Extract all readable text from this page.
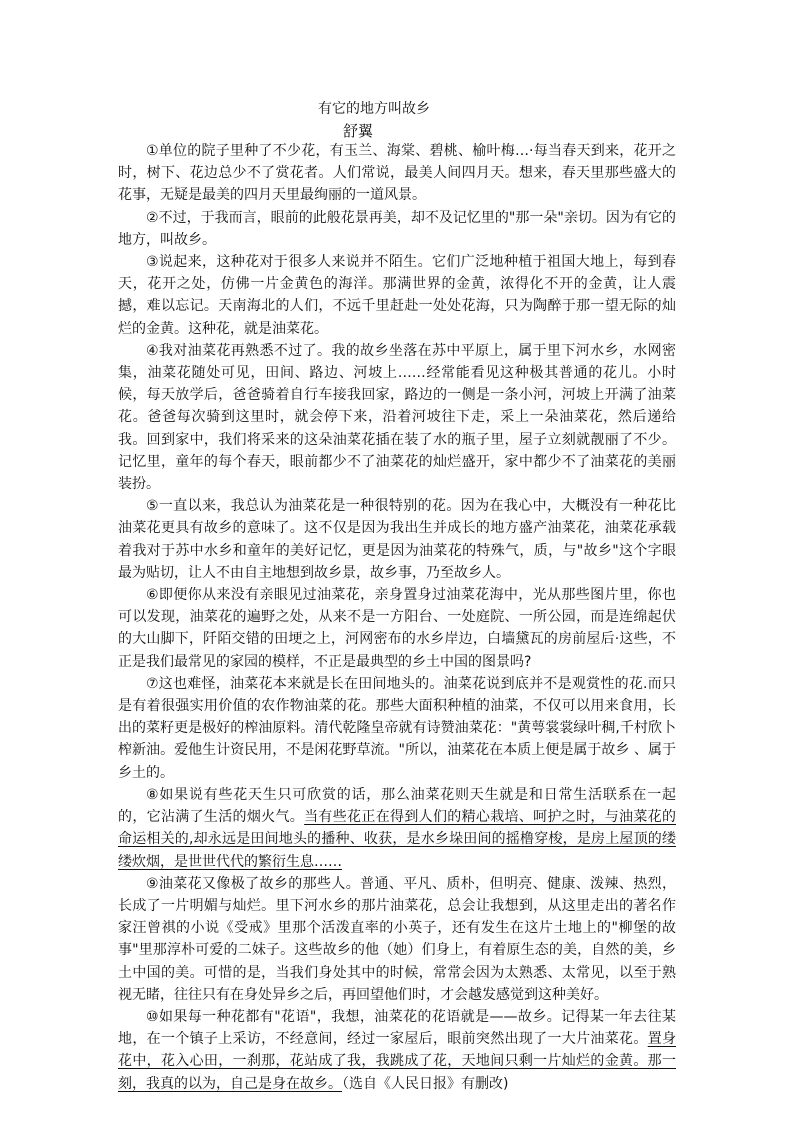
有它的地方叫故乡
舒翼

①单位的院子里种了不少花，有玉兰、海棠、碧桃、榆叶梅…·每当春天到来，花开之时，树下、花边总少不了赏花者。人们常说，最美人间四月天。想来，春天里那些盛大的花事，无疑是最美的四月天里最绚丽的一道风景。

②不过，于我而言，眼前的此般花景再美，却不及记忆里的"那一朵"亲切。因为有它的地方，叫故乡。

③说起来，这种花对于很多人来说并不陌生。它们广泛地种植于祖国大地上，每到春天，花开之处，仿佛一片金黄色的海洋。那满世界的金黄，浓得化不开的金黄，让人震撼，难以忘记。天南海北的人们，不远千里赶赴一处处花海，只为陶醉于那一望无际的灿烂的金黄。这种花，就是油菜花。

④我对油菜花再熟悉不过了。我的故乡坐落在苏中平原上，属于里下河水乡，水网密集，油菜花随处可见，田间、路边、河坡上……经常能看见这种极其普通的花儿。小时候，每天放学后，爸爸骑着自行车接我回家，路边的一侧是一条小河，河坡上开满了油菜花。爸爸每次骑到这里时，就会停下来，沿着河坡往下走，采上一朵油菜花，然后递给我。回到家中，我们将采来的这朵油菜花插在装了水的瓶子里，屋子立刻就靓丽了不少。记忆里，童年的每个春天，眼前都少不了油菜花的灿烂盛开，家中都少不了油菜花的美丽装扮。

⑤一直以来，我总认为油菜花是一种很特别的花。因为在我心中，大概没有一种花比油菜花更具有故乡的意味了。这不仅是因为我出生并成长的地方盛产油菜花，油菜花承载着我对于苏中水乡和童年的美好记忆，更是因为油菜花的特殊气，质，与"故乡"这个字眼最为贴切，让人不由自主地想到故乡景，故乡事，乃至故乡人。

⑥即便你从来没有亲眼见过油菜花，亲身置身过油菜花海中，光从那些图片里，你也可以发现，油菜花的遍野之处，从来不是一方阳台、一处庭院、一所公园，而是连绵起伏的大山脚下，阡陌交错的田埂之上，河网密布的水乡岸边，白墙黛瓦的房前屋后·这些，不正是我们最常见的家园的模样，不正是最典型的乡土中国的图景吗?

⑦这也难怪，油菜花本来就是长在田间地头的。油菜花说到底并不是观赏性的花.而只是有着很强实用价值的农作物油菜的花。那些大面积种植的油菜，不仅可以用来食用，长出的菜籽更是极好的榨油原料。清代乾隆皇帝就有诗赞油菜花："黄萼裳裳绿叶稠,千村欣卜榨新油。爱他生计资民用，不是闲花野草流。"所以，油菜花在本质上便是属于故乡 、属于乡土的。

⑧如果说有些花天生只可欣赏的话，那么油菜花则天生就是和日常生活联系在一起的，它沾满了生活的烟火气。当有些花正在得到人们的精心栽培、呵护之时，与油菜花的命运相关的,却永远是田间地头的播种、收获，是水乡垛田间的摇橹穿梭，是房上屋顶的缕缕炊烟，是世世代代的繁衍生息……

⑨油菜花又像极了故乡的那些人。普通、平凡、质朴，但明亮、健康、泼辣、热烈，长成了一片明媚与灿烂。里下河水乡的那片油菜花，总会让我想到，从这里走出的著名作家汪曾祺的小说《受戒》里那个活泼直率的小英子，还有发生在这片土地上的"柳堡的故事"里那淳朴可爱的二妹子。这些故乡的他（她）们身上，有着原生态的美，自然的美，乡土中国的美。可惜的是，当我们身处其中的时候，常常会因为太熟悉、太常见，以至于熟视无睹，往往只有在身处异乡之后，再回望他们时，才会越发感觉到这种美好。

⑩如果每一种花都有"花语"，我想，油菜花的花语就是——故乡。记得某一年去往某地，在一个镇子上采访，不经意间，经过一家屋后，眼前突然出现了一大片油菜花。置身花中，花入心田，一刹那，花站成了我，我跳成了花，天地间只剩一片灿烂的金黄。那一刻，我真的以为，自己是身在故乡。（选自《人民日报》有删改)
